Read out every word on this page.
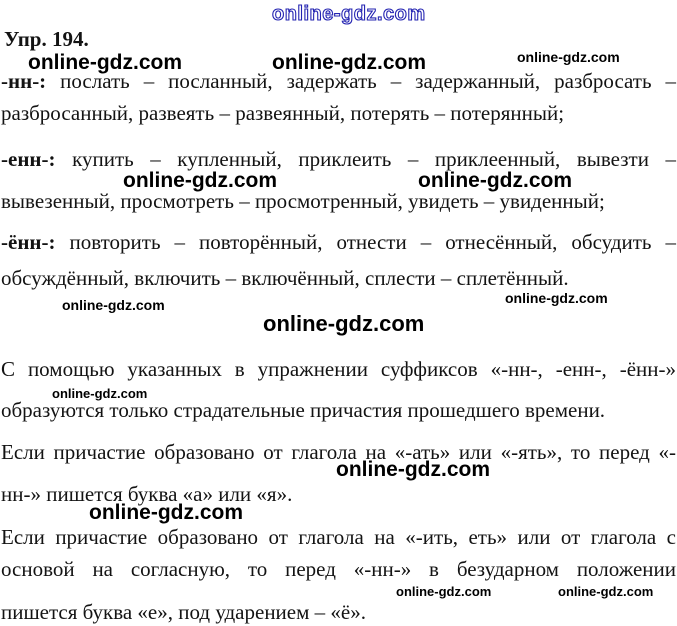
online-gdz.com
Упр. 194.
online-gdz.com	online-gdz.com	online-gdz.com
-нн-: послать – посланный, задержать – задержанный, разбросать –
разбросанный, развеять – развеянный, потерять – потерянный;
-енн-: купить – купленный, приклеить – приклеенный, вывезти –
online-gdz.com	online-gdz.com
вывезенный, просмотреть – просмотренный, увидеть – увиденный;
-ённ-: повторить – повторённый, отнести – отнесённый, обсудить –
обсуждённый, включить – включённый, сплести – сплетённый.
online-gdz.com	online-gdz.com
online-gdz.com
С помощью указанных в упражнении суффиксов «-нн-, -енн-, -ённ-»
online-gdz.com
образуются только страдательные причастия прошедшего времени.
Если причастие образовано от глагола на «-ать» или «-ять», то перед «-
online-gdz.com
нн-» пишется буква «а» или «я».
online-gdz.com
Если причастие образовано от глагола на «-ить, еть» или от глагола с
основой на согласную, то перед «-нн-» в безударном положении
online-gdz.com	online-gdz.com
пишется буква «е», под ударением – «ё».
